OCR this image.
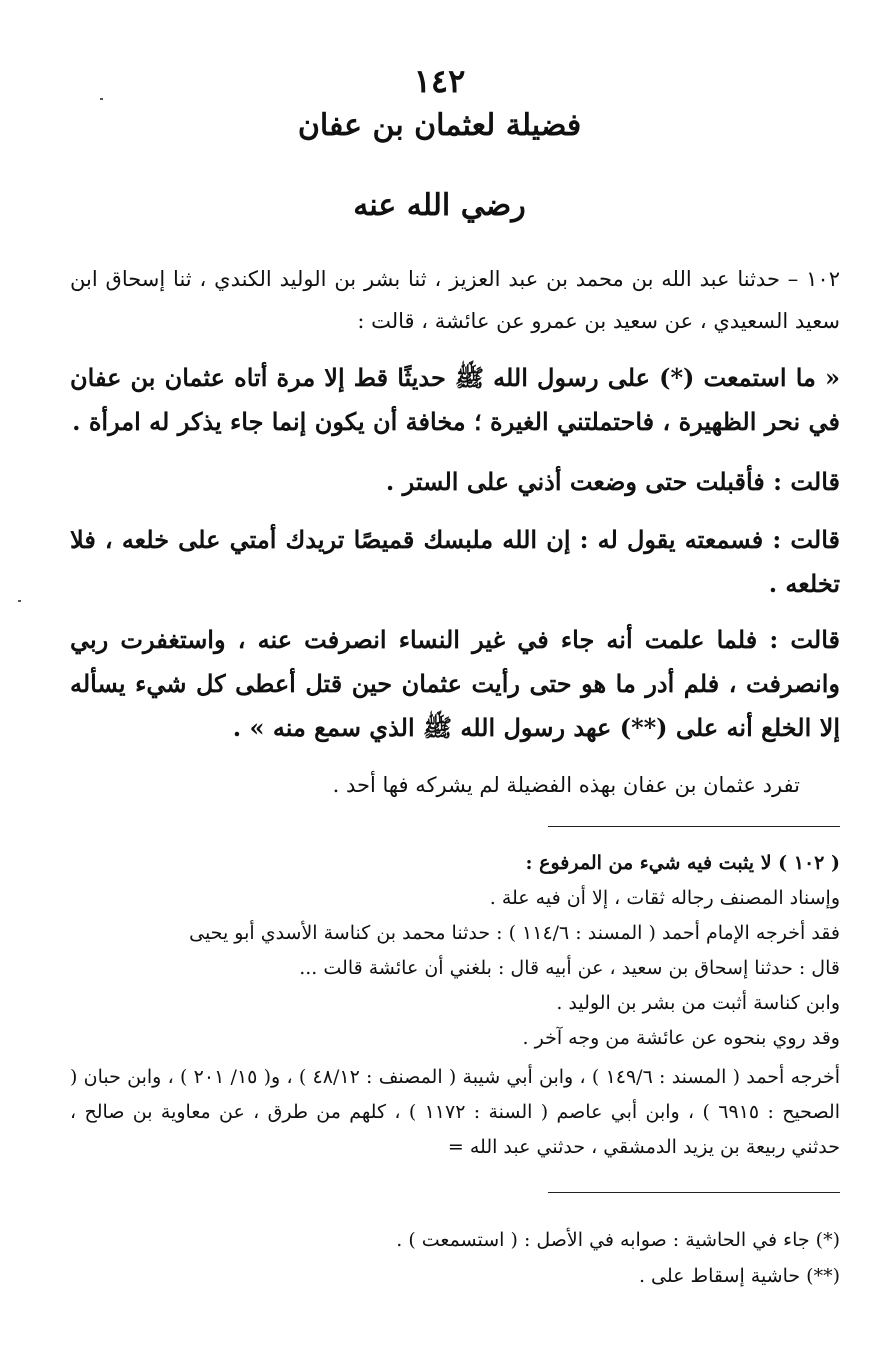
١٤٢
فضيلة لعثمان بن عفان
رضي الله عنه
١٠٢ – حدثنا عبد الله بن محمد بن عبد العزيز ، ثنا بشر بن الوليد الكندي ، ثنا إسحاق ابن سعيد السعيدي ، عن سعيد بن عمرو عن عائشة ، قالت :
« ما استمعت (*) على رسول الله ﷺ حديثًا قط إلا مرة أتاه عثمان بن عفان في نحر الظهيرة ، فاحتملتني الغيرة ؛ مخافة أن يكون إنما جاء يذكر له امرأة .
قالت : فأقبلت حتى وضعت أذني على الستر .
قالت : فسمعته يقول له : إن الله ملبسك قميصًا تريدك أمتي على خلعه ، فلا تخلعه .
قالت : فلما علمت أنه جاء في غير النساء انصرفت عنه ، واستغفرت ربي وانصرفت ، فلم أدر ما هو حتى رأيت عثمان حين قتل أعطى كل شيء يسأله إلا الخلع أنه على (**) عهد رسول الله ﷺ الذي سمع منه » .
تفرد عثمان بن عفان بهذه الفضيلة لم يشركه فها أحد .
( ١٠٢ ) لا يثبت فيه شيء من المرفوع :
وإسناد المصنف رجاله ثقات ، إلا أن فيه علة .
فقد أخرجه الإمام أحمد ( المسند : ١١٤/٦ ) : حدثنا محمد بن كناسة الأسدي أبو يحيى
قال : حدثنا إسحاق بن سعيد ، عن أبيه قال : بلغني أن عائشة قالت ...
وابن كناسة أثبت من بشر بن الوليد .
وقد روي بنحوه عن عائشة من وجه آخر .
أخرجه أحمد ( المسند : ١٤٩/٦ ) ، وابن أبي شيبة ( المصنف : ٤٨/١٢ ) ، و( ١٥/ ٢٠١ ) ، وابن حبان ( الصحيح : ٦٩١٥ ) ، وابن أبي عاصم ( السنة : ١١٧٢ ) ، كلهم من طرق ، عن معاوية بن صالح ، حدثني ربيعة بن يزيد الدمشقي ، حدثني عبد الله =
(*) جاء في الحاشية : صوابه في الأصل : ( استسمعت ) .
(**) حاشية إسقاط على .
